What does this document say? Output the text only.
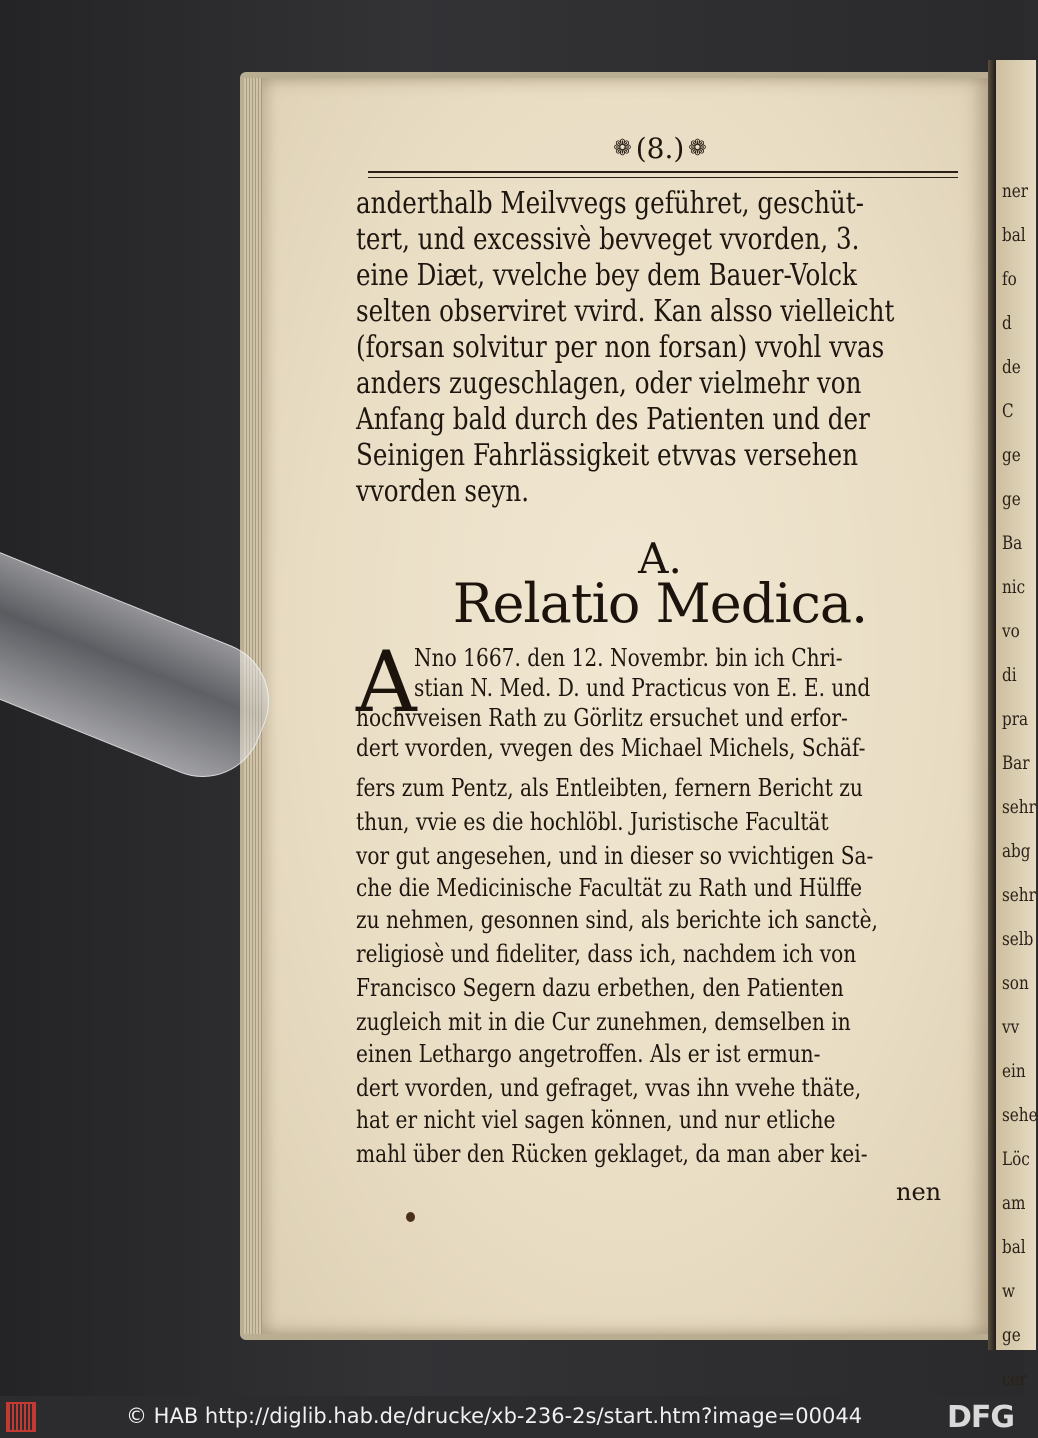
ner
bal
fo
d
de
C
ge
ge
Ba
nic
vo
di
pra
Bar
sehr
abg
sehr
selb
son
vv
ein
sehe
Löc
am
bal
w
ge
cer
❁ (8.) ❁
anderthalb Meilvvegs geführet, geschüt-
tert, und excessivè bevveget vvorden, 3.
eine Diæt, vvelche bey dem Bauer-Volck
selten observiret vvird. Kan alsso vielleicht
(forsan solvitur per non forsan) vvohl vvas
anders zugeschlagen, oder vielmehr von
Anfang bald durch des Patienten und der
Seinigen Fahrlässigkeit etvvas versehen
vvorden seyn.
A.
Relatio Medica.
A
Nno 1667. den 12. Novembr. bin ich Chri-
stian N. Med. D. und Practicus von E. E. und
hochvveisen Rath zu Görlitz ersuchet und erfor-
dert vvorden, vvegen des Michael Michels, Schäf-
fers zum Pentz, als Entleibten, fernern Bericht zu
thun, vvie es die hochlöbl. Juristische Facultät
vor gut angesehen, und in dieser so vvichtigen Sa-
che die Medicinische Facultät zu Rath und Hülffe
zu nehmen, gesonnen sind, als berichte ich sanctè,
religiosè und fideliter, dass ich, nachdem ich von
Francisco Segern dazu erbethen, den Patienten
zugleich mit in die Cur zunehmen, demselben in
einen Lethargo angetroffen. Als er ist ermun-
dert vvorden, und gefraget, vvas ihn vvehe thäte,
hat er nicht viel sagen können, und nur etliche
mahl über den Rücken geklaget, da man aber kei-
nen
© HAB http://diglib.hab.de/drucke/xb-236-2s/start.htm?image=00044	DFG
